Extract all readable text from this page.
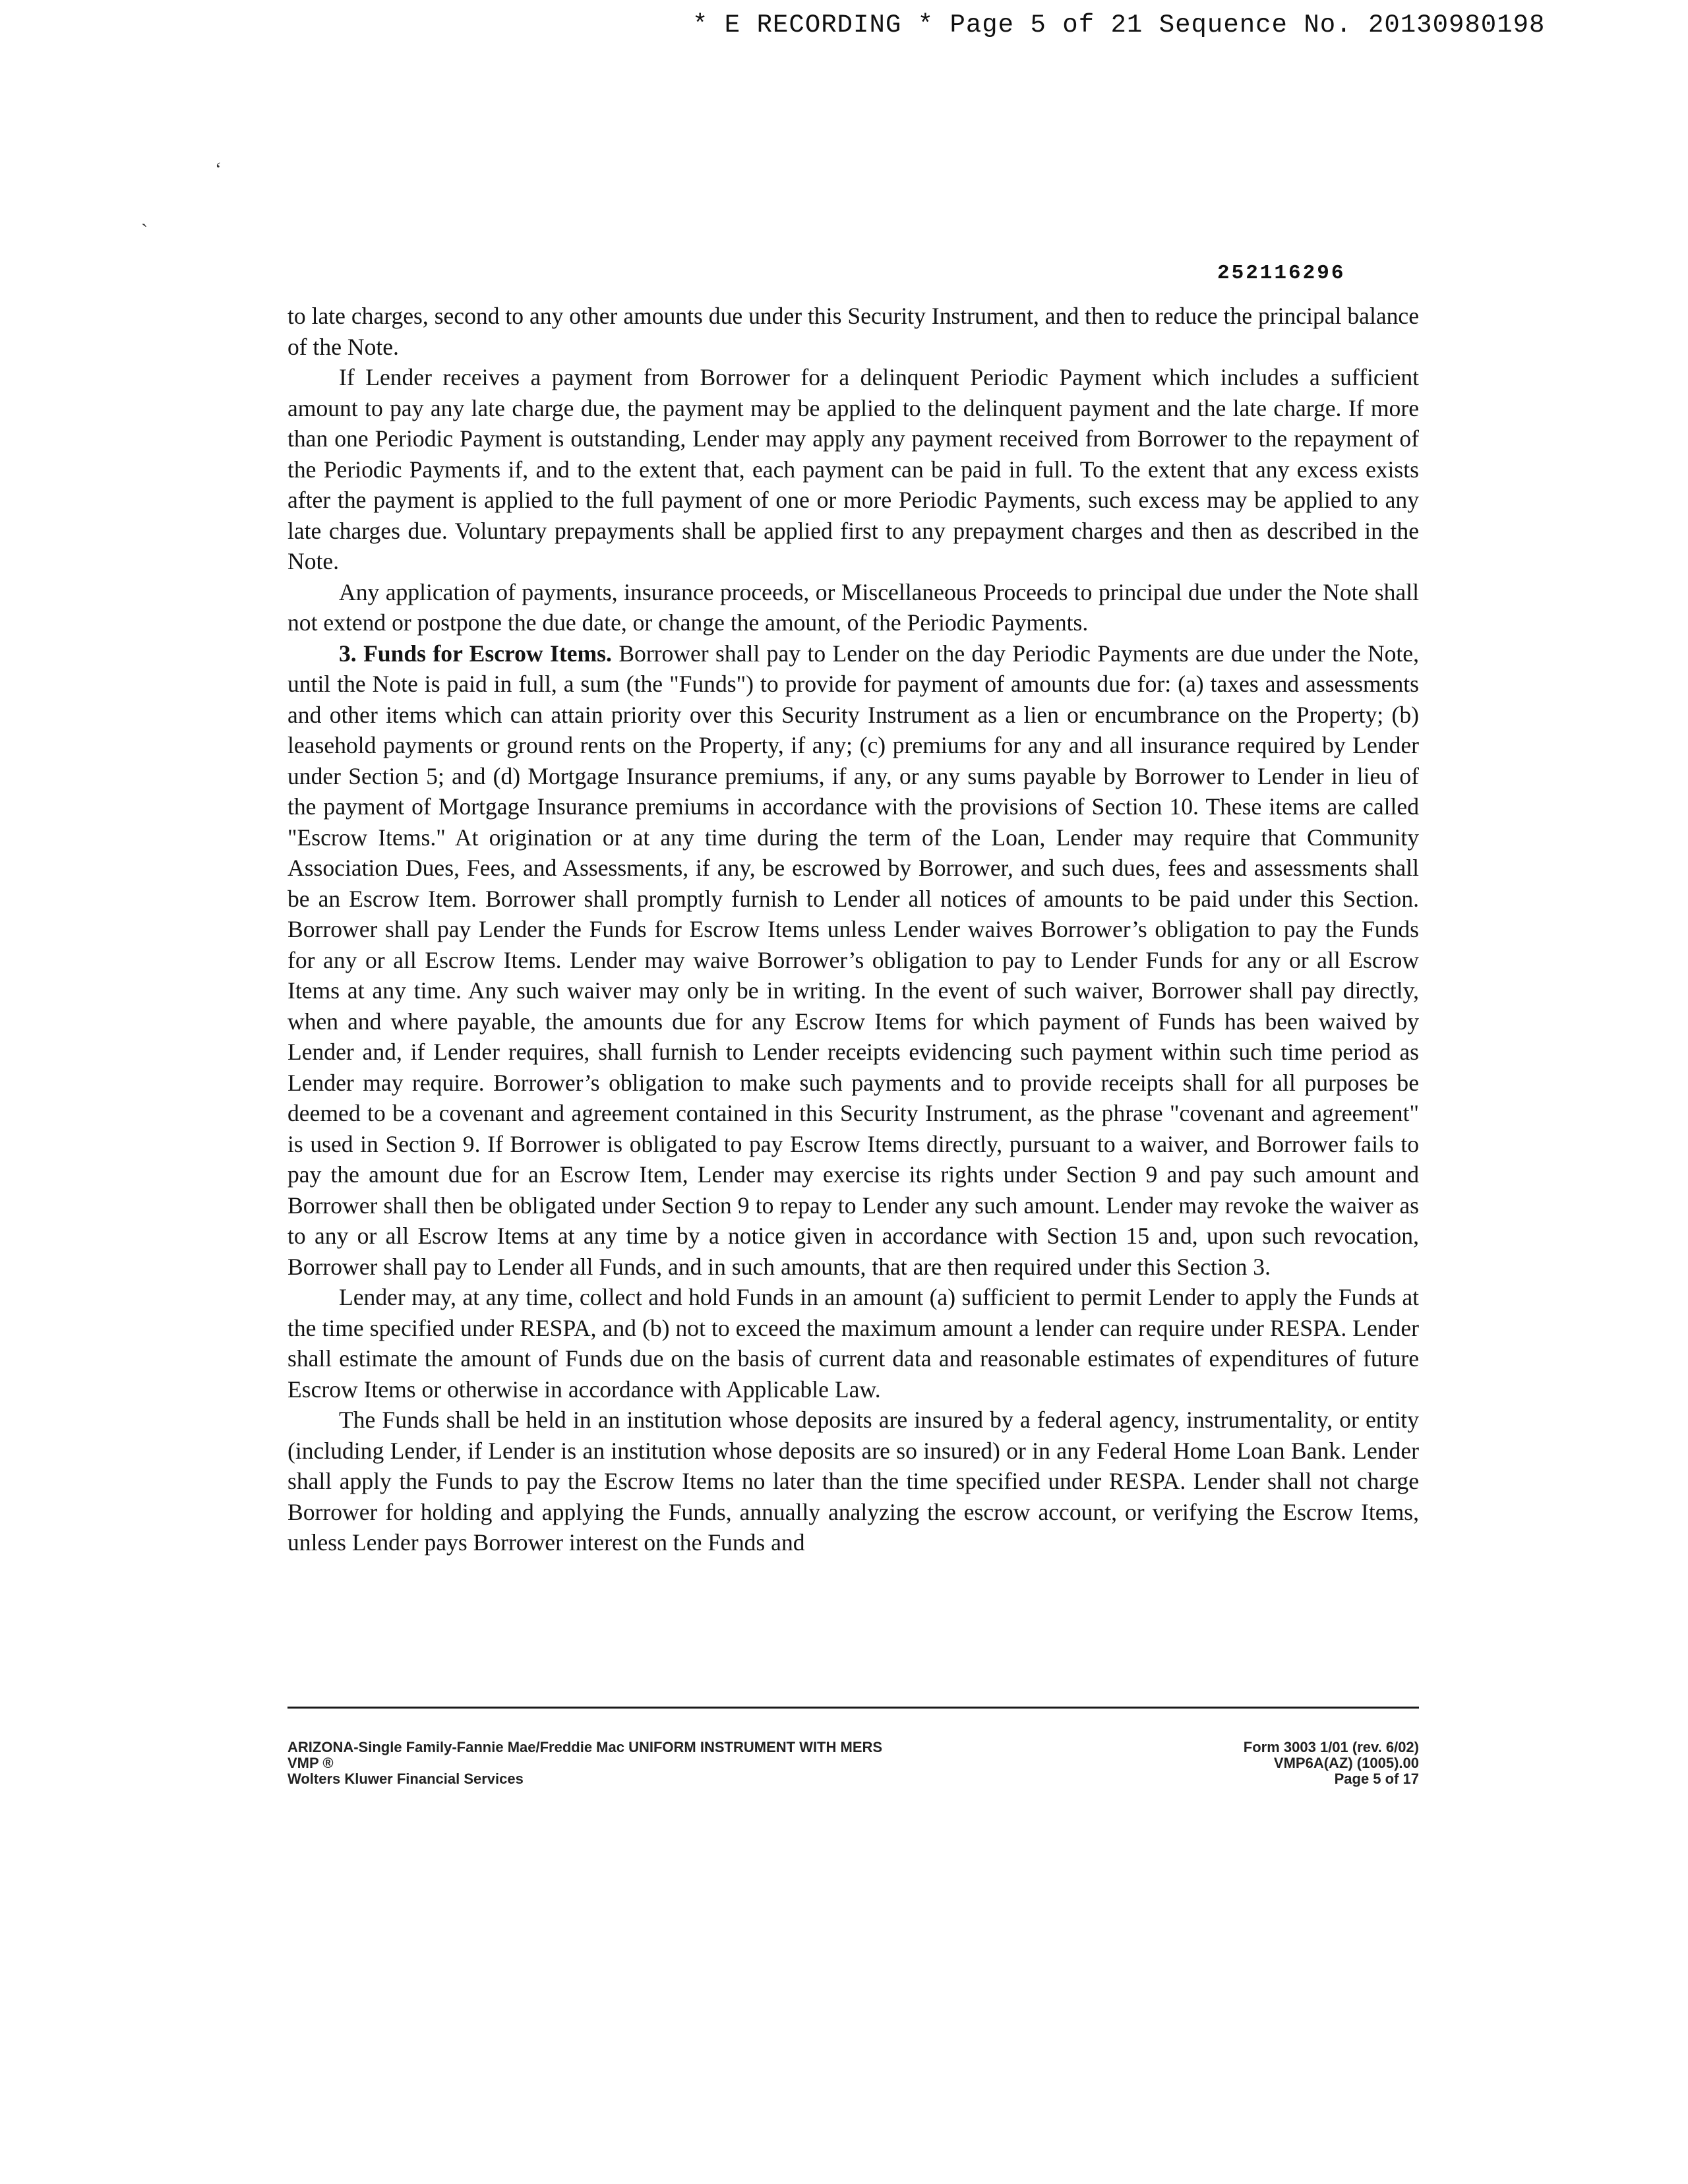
* E RECORDING * Page 5 of 21 Sequence No. 20130980198
‘
`
252116296

to late charges, second to any other amounts due under this Security Instrument, and then to reduce the principal balance of the Note.

If Lender receives a payment from Borrower for a delinquent Periodic Payment which includes a sufficient amount to pay any late charge due, the payment may be applied to the delinquent payment and the late charge. If more than one Periodic Payment is outstanding, Lender may apply any payment received from Borrower to the repayment of the Periodic Payments if, and to the extent that, each payment can be paid in full. To the extent that any excess exists after the payment is applied to the full payment of one or more Periodic Payments, such excess may be applied to any late charges due. Voluntary prepayments shall be applied first to any prepayment charges and then as described in the Note.

Any application of payments, insurance proceeds, or Miscellaneous Proceeds to principal due under the Note shall not extend or postpone the due date, or change the amount, of the Periodic Payments.

3. Funds for Escrow Items. Borrower shall pay to Lender on the day Periodic Payments are due under the Note, until the Note is paid in full, a sum (the "Funds") to provide for payment of amounts due for: (a) taxes and assessments and other items which can attain priority over this Security Instrument as a lien or encumbrance on the Property; (b) leasehold payments or ground rents on the Property, if any; (c) premiums for any and all insurance required by Lender under Section 5; and (d) Mortgage Insurance premiums, if any, or any sums payable by Borrower to Lender in lieu of the payment of Mortgage Insurance premiums in accordance with the provisions of Section 10. These items are called "Escrow Items." At origination or at any time during the term of the Loan, Lender may require that Community Association Dues, Fees, and Assessments, if any, be escrowed by Borrower, and such dues, fees and assessments shall be an Escrow Item. Borrower shall promptly furnish to Lender all notices of amounts to be paid under this Section. Borrower shall pay Lender the Funds for Escrow Items unless Lender waives Borrower’s obligation to pay the Funds for any or all Escrow Items. Lender may waive Borrower’s obligation to pay to Lender Funds for any or all Escrow Items at any time. Any such waiver may only be in writing. In the event of such waiver, Borrower shall pay directly, when and where payable, the amounts due for any Escrow Items for which payment of Funds has been waived by Lender and, if Lender requires, shall furnish to Lender receipts evidencing such payment within such time period as Lender may require. Borrower’s obligation to make such payments and to provide receipts shall for all purposes be deemed to be a covenant and agreement contained in this Security Instrument, as the phrase "covenant and agreement" is used in Section 9. If Borrower is obligated to pay Escrow Items directly, pursuant to a waiver, and Borrower fails to pay the amount due for an Escrow Item, Lender may exercise its rights under Section 9 and pay such amount and Borrower shall then be obligated under Section 9 to repay to Lender any such amount. Lender may revoke the waiver as to any or all Escrow Items at any time by a notice given in accordance with Section 15 and, upon such revocation, Borrower shall pay to Lender all Funds, and in such amounts, that are then required under this Section 3.

Lender may, at any time, collect and hold Funds in an amount (a) sufficient to permit Lender to apply the Funds at the time specified under RESPA, and (b) not to exceed the maximum amount a lender can require under RESPA. Lender shall estimate the amount of Funds due on the basis of current data and reasonable estimates of expenditures of future Escrow Items or otherwise in accordance with Applicable Law.

The Funds shall be held in an institution whose deposits are insured by a federal agency, instrumentality, or entity (including Lender, if Lender is an institution whose deposits are so insured) or in any Federal Home Loan Bank. Lender shall apply the Funds to pay the Escrow Items no later than the time specified under RESPA. Lender shall not charge Borrower for holding and applying the Funds, annually analyzing the escrow account, or verifying the Escrow Items, unless Lender pays Borrower interest on the Funds and

ARIZONA-Single Family-Fannie Mae/Freddie Mac UNIFORM INSTRUMENT WITH MERS
VMP ®
Wolters Kluwer Financial Services
Form 3003 1/01 (rev. 6/02)
VMP6A(AZ) (1005).00
Page 5 of 17
